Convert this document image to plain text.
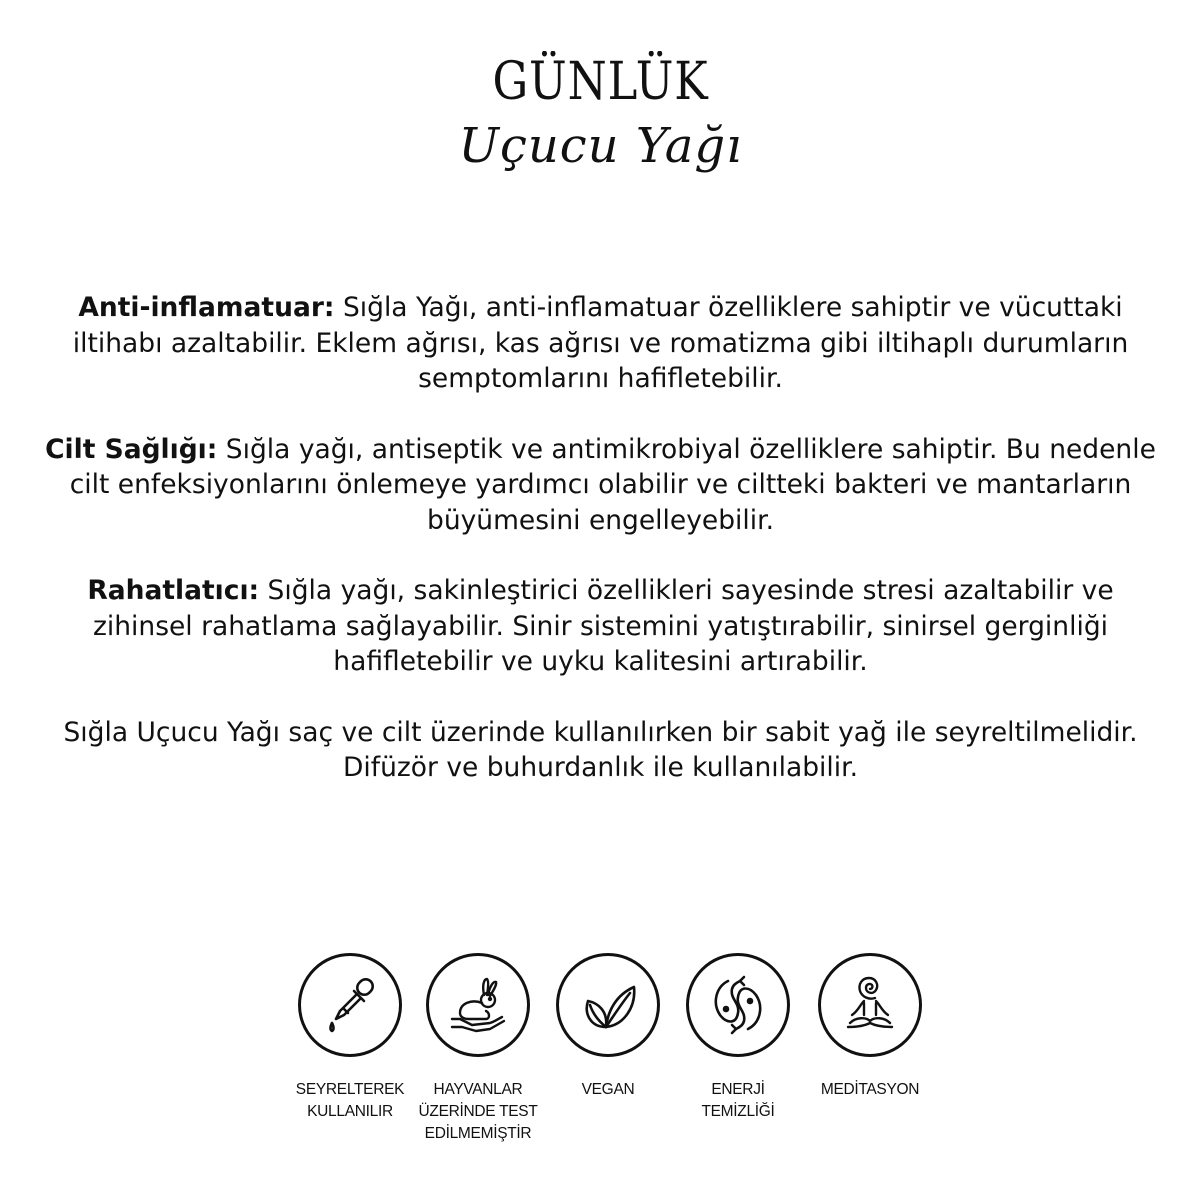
GÜNLÜK
Uçucu Yağı

Anti-inflamatuar: Sığla Yağı, anti-inflamatuar özelliklere sahiptir ve vücuttaki iltihabı azaltabilir. Eklem ağrısı, kas ağrısı ve romatizma gibi iltihaplı durumların semptomlarını hafifletebilir.

Cilt Sağlığı: Sığla yağı, antiseptik ve antimikrobiyal özelliklere sahiptir. Bu nedenle cilt enfeksiyonlarını önlemeye yardımcı olabilir ve ciltteki bakteri ve mantarların büyümesini engelleyebilir.

Rahatlatıcı: Sığla yağı, sakinleştirici özellikleri sayesinde stresi azaltabilir ve zihinsel rahatlama sağlayabilir. Sinir sistemini yatıştırabilir, sinirsel gerginliği hafifletebilir ve uyku kalitesini artırabilir.

Sığla Uçucu Yağı saç ve cilt üzerinde kullanılırken bir sabit yağ ile seyreltilmelidir.
Difüzör ve buhurdanlık ile kullanılabilir.

SEYRELTEREK
KULLANILIR
HAYVANLAR
ÜZERİNDE TEST
EDİLMEMİŞTİR
VEGAN	ENERJİ
TEMİZLİĞİ
MEDİTASYON
